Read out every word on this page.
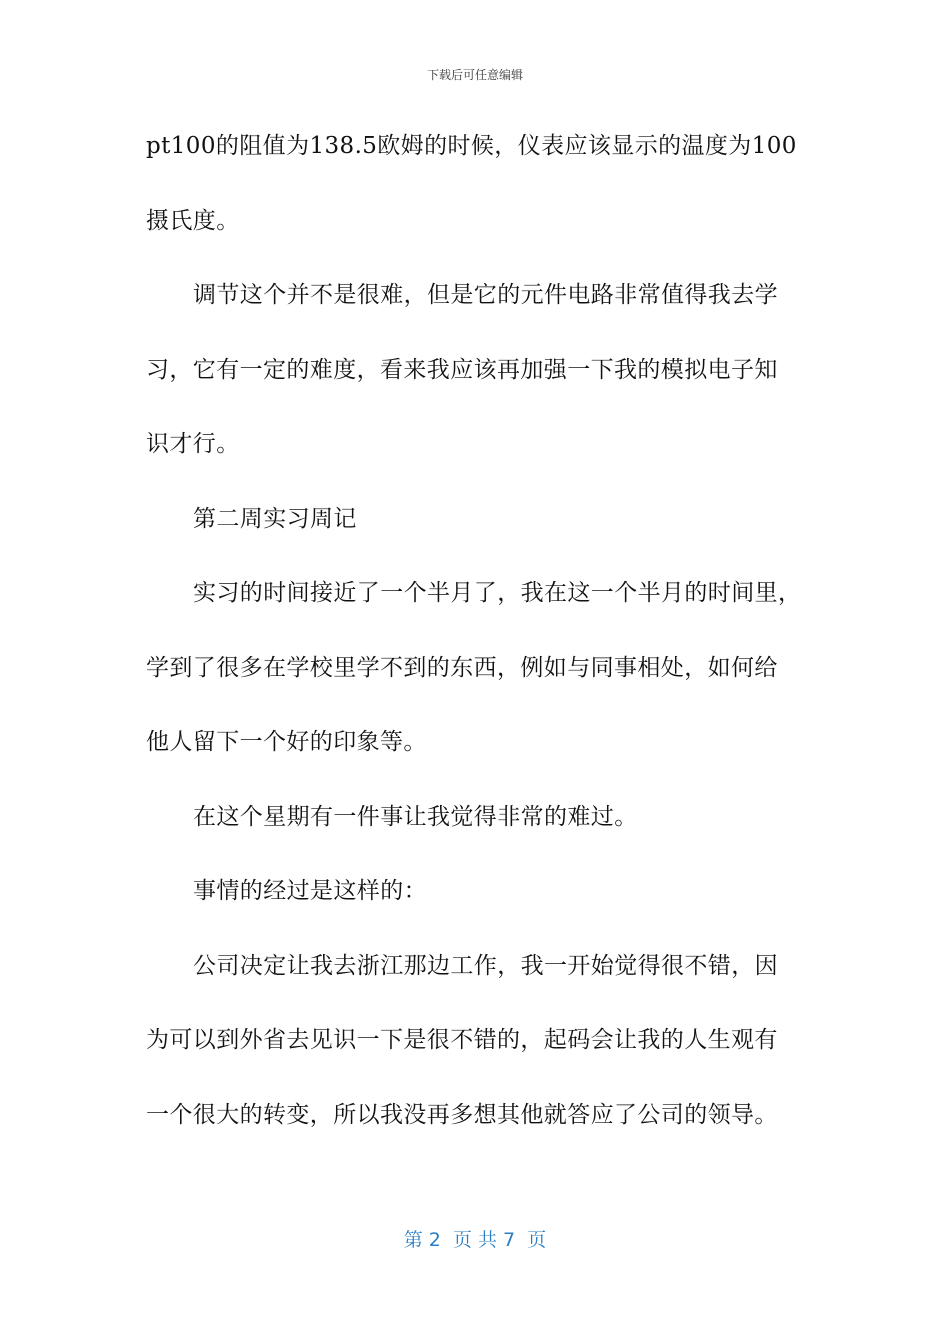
下载后可任意编辑
pt100的阻值为138.5欧姆的时候，仪表应该显示的温度为100
摄氏度。
调节这个并不是很难，但是它的元件电路非常值得我去学
习，它有一定的难度，看来我应该再加强一下我的模拟电子知
识才行。
第二周实习周记
实习的时间接近了一个半月了，我在这一个半月的时间里，
学到了很多在学校里学不到的东西，例如与同事相处，如何给
他人留下一个好的印象等。
在这个星期有一件事让我觉得非常的难过。
事情的经过是这样的：
公司决定让我去浙江那边工作，我一开始觉得很不错，因
为可以到外省去见识一下是很不错的，起码会让我的人生观有
一个很大的转变，所以我没再多想其他就答应了公司的领导。
第 2  页 共 7  页
